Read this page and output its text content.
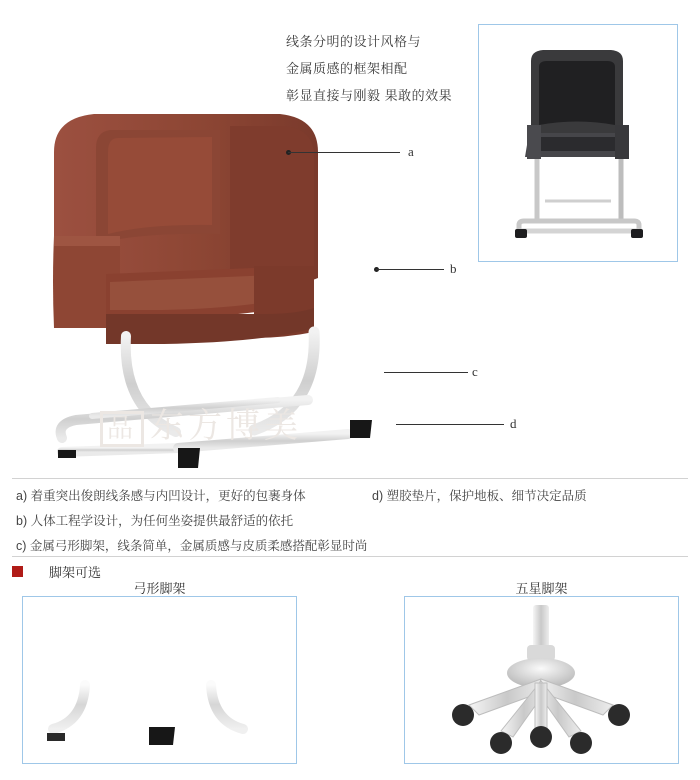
线条分明的设计风格与
金属质感的框架相配
彰显直接与刚毅 果敢的效果
品 东方博美
a
b
c
d
a) 着重突出俊朗线条感与内凹设计，更好的包裹身体
b) 人体工程学设计，为任何坐姿提供最舒适的依托
c) 金属弓形脚架，线条简单，金属质感与皮质柔感搭配彰显时尚
d) 塑胶垫片，保护地板、细节决定品质
脚架可选
弓形脚架	五星脚架
